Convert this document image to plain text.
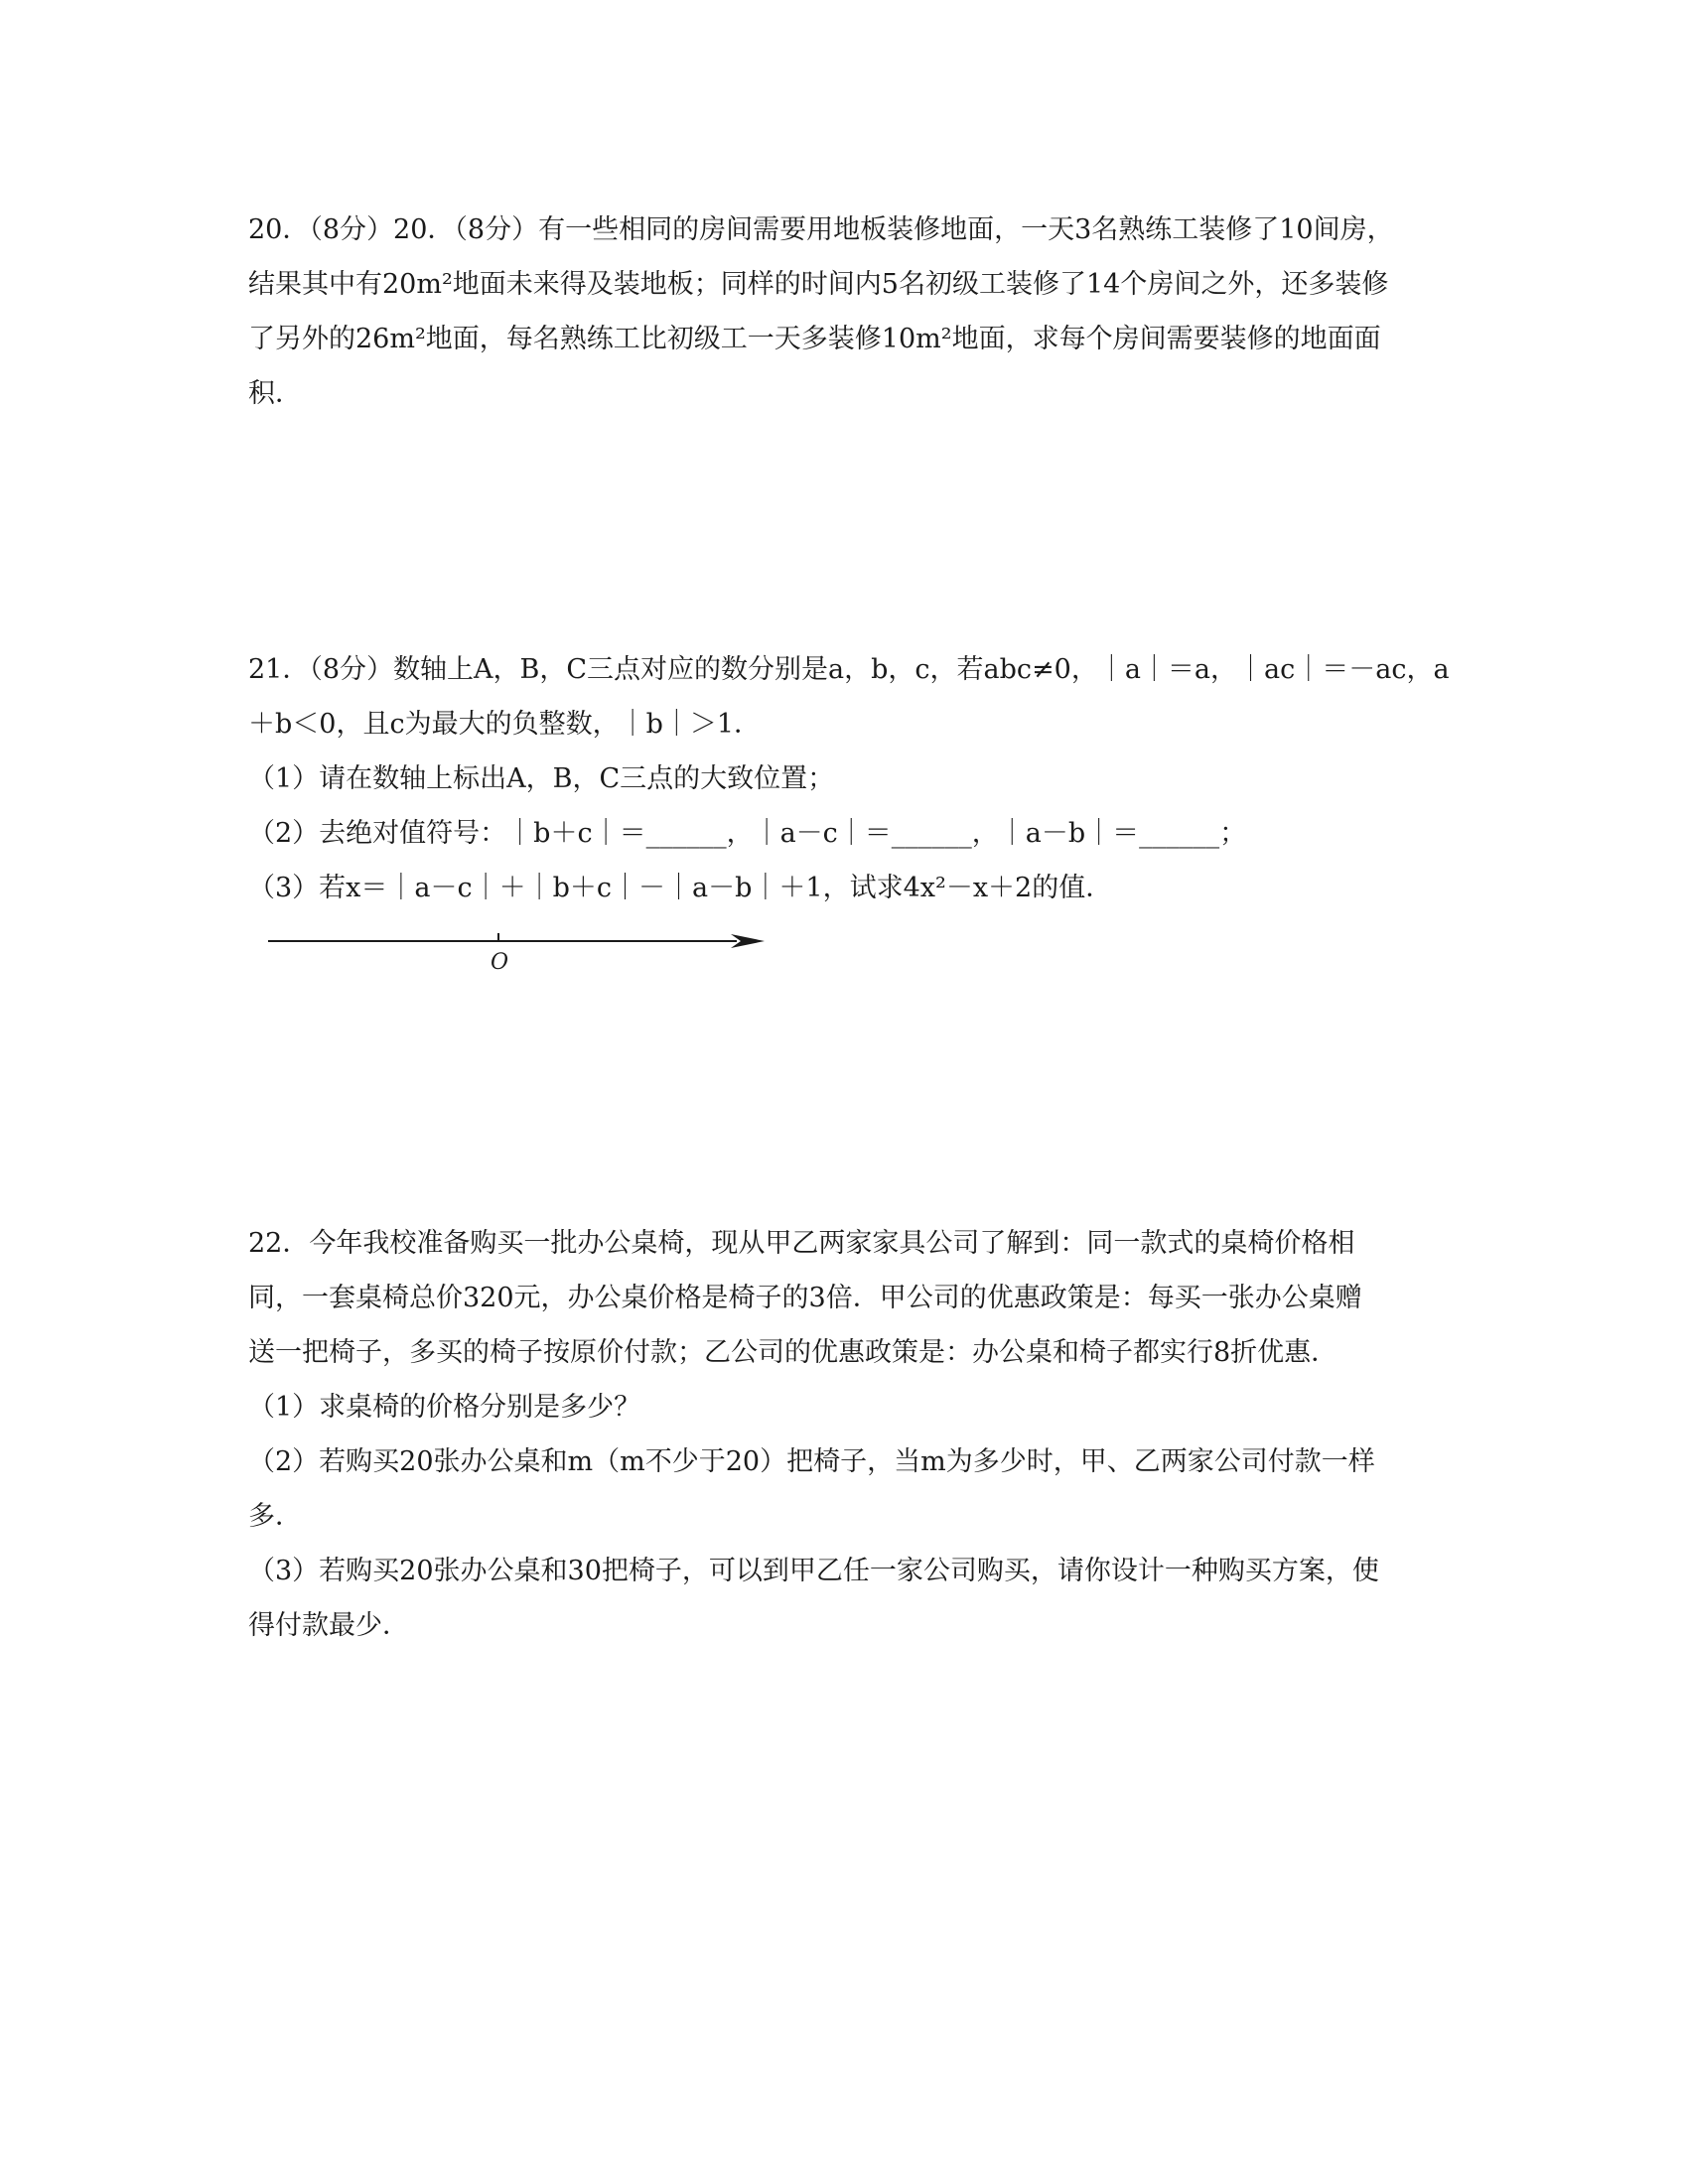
20．（8分）20．（8分）有一些相同的房间需要用地板装修地面，一天3名熟练工装修了10间房，

结果其中有20m²地面未来得及装地板；同样的时间内5名初级工装修了14个房间之外，还多装修

了另外的26m²地面，每名熟练工比初级工一天多装修10m²地面，求每个房间需要装修的地面面

积．

21．（8分）数轴上A，B，C三点对应的数分别是a，b，c，若abc≠0，｜a｜＝a，｜ac｜＝－ac，a

＋b＜0，且c为最大的负整数，｜b｜＞1．

（1）请在数轴上标出A，B，C三点的大致位置；

（2）去绝对值符号：｜b＋c｜＝______，｜a－c｜＝______，｜a－b｜＝______；

（3）若x＝｜a－c｜＋｜b＋c｜－｜a－b｜＋1，试求4x²－x＋2的值．

O

22．今年我校准备购买一批办公桌椅，现从甲乙两家家具公司了解到：同一款式的桌椅价格相

同，一套桌椅总价320元，办公桌价格是椅子的3倍．甲公司的优惠政策是：每买一张办公桌赠

送一把椅子，多买的椅子按原价付款；乙公司的优惠政策是：办公桌和椅子都实行8折优惠．

（1）求桌椅的价格分别是多少？

（2）若购买20张办公桌和m（m不少于20）把椅子，当m为多少时，甲、乙两家公司付款一样

多．

（3）若购买20张办公桌和30把椅子，可以到甲乙任一家公司购买，请你设计一种购买方案，使

得付款最少．
